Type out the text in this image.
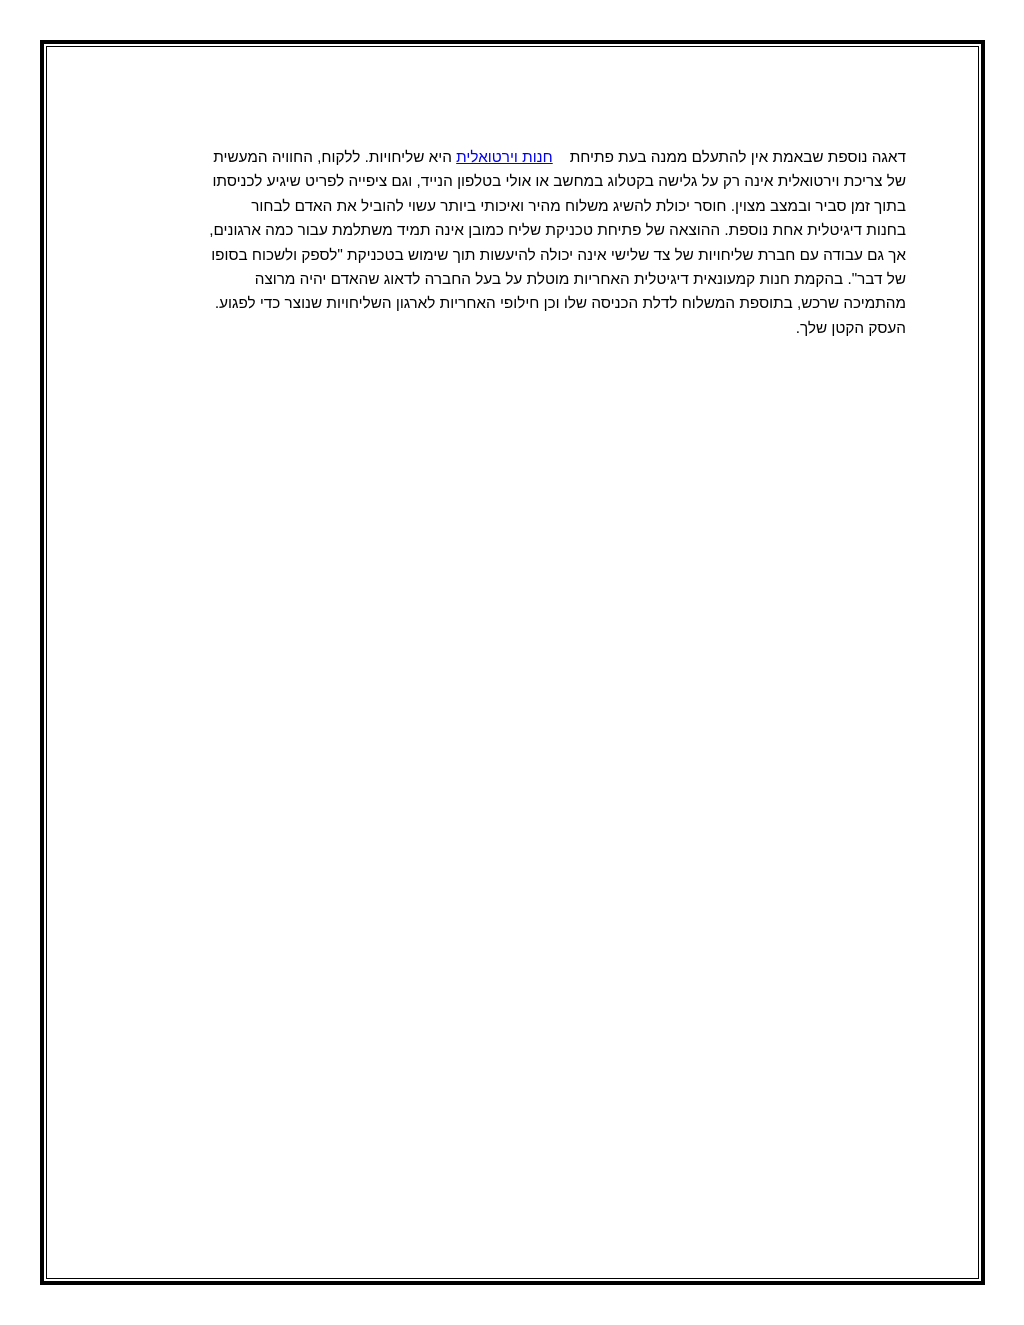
דאגה נוספת שבאמת אין להתעלם ממנה בעת פתיחת    חנות וירטואלית היא שליחויות. ללקוח, החוויה המעשית
של צריכת וירטואלית אינה רק על גלישה בקטלוג במחשב או אולי בטלפון הנייד, וגם ציפייה לפריט שיגיע לכניסתו
בתוך זמן סביר ובמצב מצוין. חוסר יכולת להשיג משלוח מהיר ואיכותי ביותר עשוי להוביל את האדם לבחור
בחנות דיגיטלית אחת נוספת. ההוצאה של פתיחת טכניקת שליח כמובן אינה תמיד משתלמת עבור כמה ארגונים,
אך גם עבודה עם חברת שליחויות של צד שלישי אינה יכולה להיעשות תוך שימוש בטכניקת "לספק ולשכוח בסופו
של דבר". בהקמת חנות קמעונאית דיגיטלית האחריות מוטלת על בעל החברה לדאוג שהאדם יהיה מרוצה
מהתמיכה שרכש, בתוספת המשלוח לדלת הכניסה שלו וכן חילופי האחריות לארגון השליחויות שנוצר כדי לפגוע.
העסק הקטן שלך.
